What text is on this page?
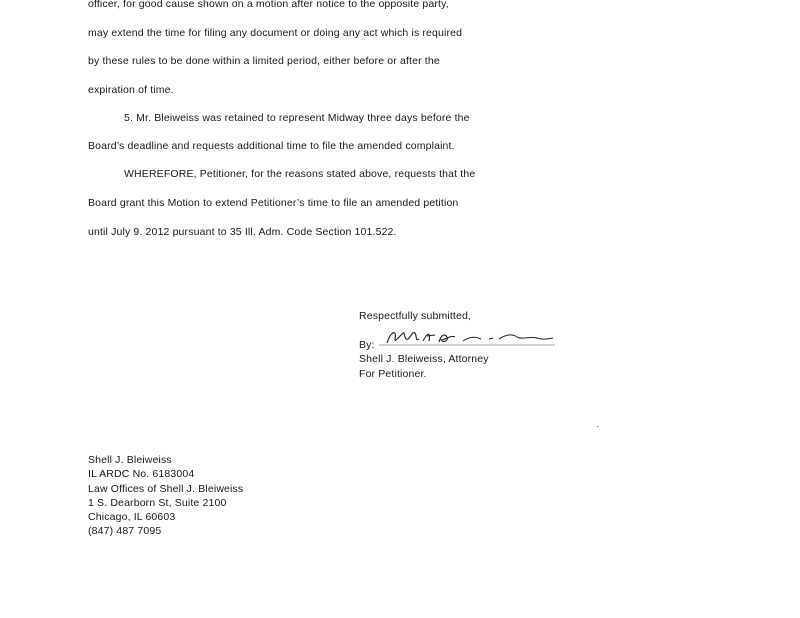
officer, for good cause shown on a motion after notice to the opposite party,
may extend the time for filing any document or doing any act which is required
by these rules to be done within a limited period, either before or after the
expiration of time.
5. Mr. Bleiweiss was retained to represent Midway three days before the
Board’s deadline and requests additional time to file the amended complaint.
WHEREFORE, Petitioner, for the reasons stated above, requests that the
Board grant this Motion to extend Petitioner’s time to file an amended petition
until July 9. 2012 pursuant to 35 Ill. Adm. Code Section 101.522.
Respectfully submitted,
By:
Shell J. Bleiweiss, Attorney
For Petitioner.
Shell J. Bleiweiss
IL ARDC No. 6183004
Law Offices of Shell J. Bleiweiss
1 S. Dearborn St, Suite 2100
Chicago, IL 60603
(847) 487 7095
